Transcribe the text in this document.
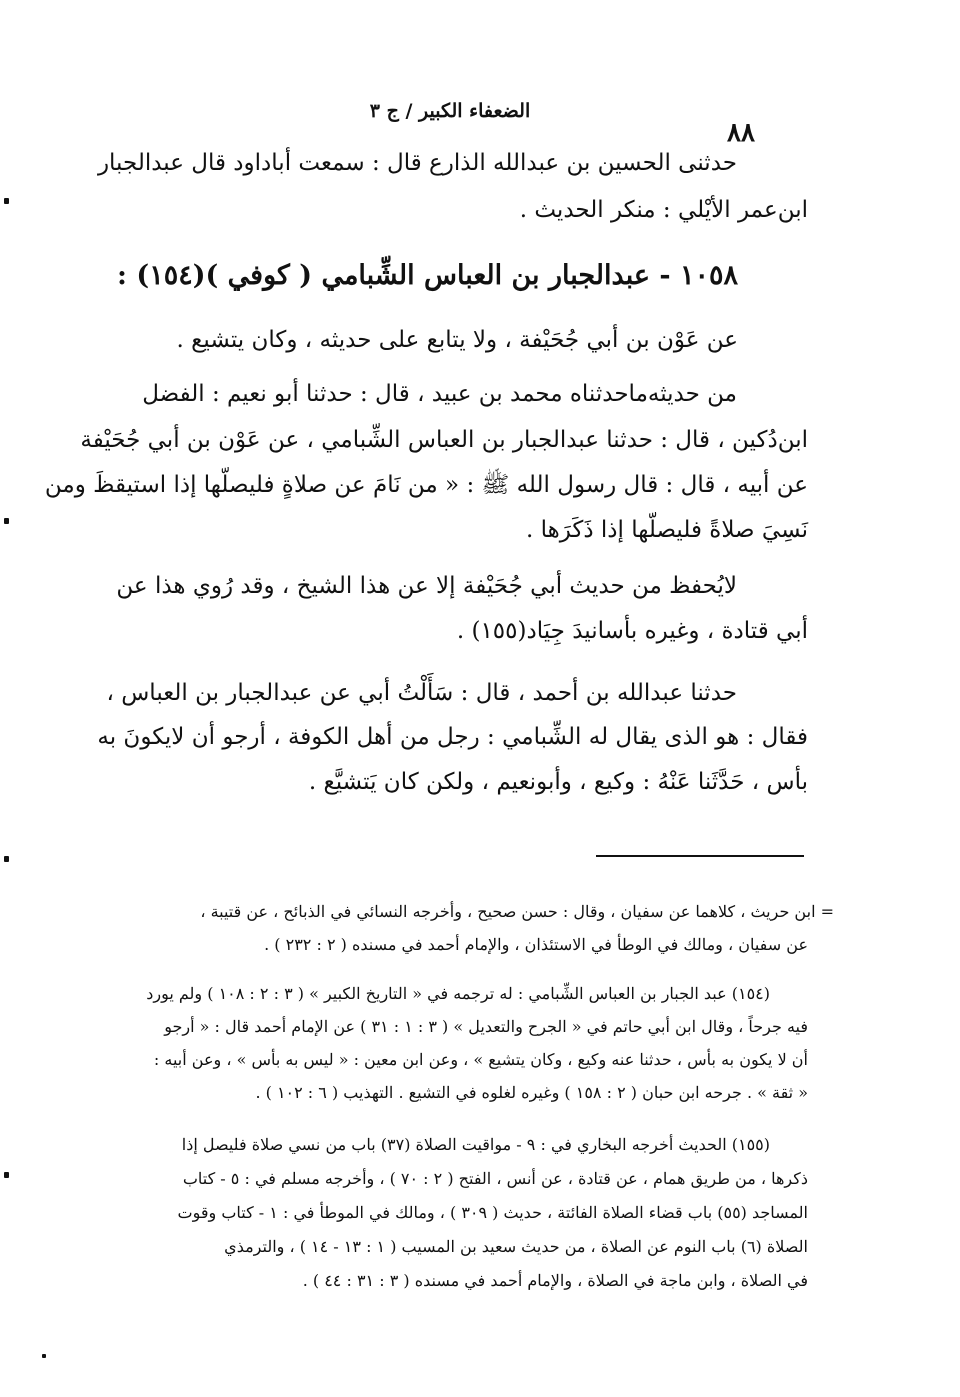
الضعفاء الكبير / ج ٣
٨٨
حدثنى الحسين بن عبدالله الذارع قال : سمعت أباداود قال عبدالجبار
ابن‌عمر الأيْلي : منكر الحديث .
١٠٥٨ - عبدالجبار بن العباس الشِّبامي ( كوفي )(١٥٤) :
عن عَوْن بن أبي جُحَيْفة ، ولا يتابع على حديثه ، وكان يتشيع .
من حديثه‌ماحدثناه محمد بن عبيد ، قال : حدثنا أبو نعيم : الفضل
ابن‌دُكين ، قال : حدثنا عبدالجبار بن العباس الشِّبامي ، عن عَوْن بن أبي جُحَيْفة
عن أبيه ، قال : قال رسول الله ﷺ : « من نَامَ عن صلاةٍ فليصلّها إذا استيقظَ ومن
نَسِيَ صلاةً فليصلّها إذا ذَكَرَها .
لايُحفظ من حديث أبي جُحَيْفة إلا عن هذا الشيخ ، وقد رُوي هذا عن
أبي قتادة ، وغيره بأسانيدَ جِيَاد(١٥٥) .
حدثنا عبدالله بن أحمد ، قال : سَأَلْتُ أبي عن عبدالجبار بن العباس ،
فقال : هو الذى يقال له الشِّبامي : رجل من أهل الكوفة ، أرجو أن لايكونَ به
بأس ، حَدَّثَنا عَنْهُ : وكيع ، وأبونعيم ، ولكن كان يَتشيَّع .
= ابن حريث ، كلاهما عن سفيان ، وقال : حسن صحيح ، وأخرجه النسائي في الذبائح ، عن قتيبة ،
عن سفيان ، ومالك في الوطأ في الاستئذان ، والإمام أحمد في مسنده ( ٢ : ٢٣٢ ) .
(١٥٤) عبد الجبار بن العباس الشِّبامي : له ترجمه في « التاريخ الكبير » ( ٣ : ٢ : ١٠٨ ) ولم يورد
فيه جرحاً ، وقال ابن أبي حاتم في « الجرح والتعديل » ( ٣ : ١ : ٣١ ) عن الإمام أحمد قال : « أرجو
أن لا يكون به بأس ، حدثنا عنه وكيع ، وكان يتشيع » ، وعن ابن معين : « ليس به بأس » ، وعن أبيه :
« ثقة » . جرحه ابن حبان ( ٢ : ١٥٨ ) وغيره لغلوه في التشيع . التهذيب ( ٦ : ١٠٢ ) .
(١٥٥) الحديث أخرجه البخاري في : ٩ - مواقيت الصلاة (٣٧) باب من نسي صلاة فليصل إذا
ذكرها ، من طريق همام ، عن قتادة ، عن أنس ، الفتح ( ٢ : ٧٠ ) ، وأخرجه مسلم في : ٥ - كتاب
المساجد (٥٥) باب قضاء الصلاة الفائتة ، حديث ( ٣٠٩ ) ، ومالك في الموطأ في : ١ - كتاب وقوت
الصلاة (٦) باب النوم عن الصلاة ، من حديث سعيد بن المسيب ( ١ : ١٣ - ١٤ ) ، والترمذي
في الصلاة ، وابن ماجة في الصلاة ، والإمام أحمد في مسنده ( ٣ : ٣١ : ٤٤ ) .
